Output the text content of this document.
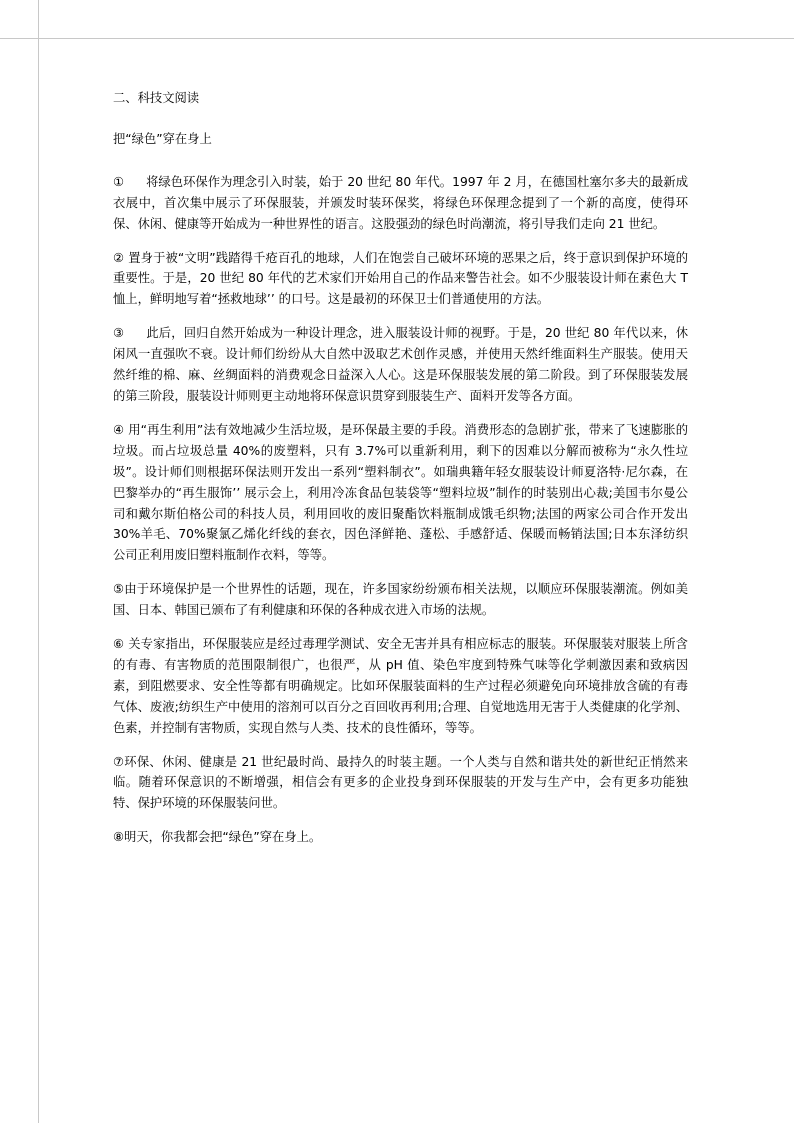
二、科技文阅读

把“绿色”穿在身上

① 将绿色环保作为理念引入时装，始于 20 世纪 80 年代。1997 年 2 月，在德国杜塞尔多夫的最新成衣展中，首次集中展示了环保服装，并颁发时装环保奖，将绿色环保理念提到了一个新的高度，使得环保、休闲、健康等开始成为一种世界性的语言。这股强劲的绿色时尚潮流，将引导我们走向 21 世纪。

② 置身于被“文明”践踏得千疮百孔的地球，人们在饱尝自己破坏环境的恶果之后，终于意识到保护环境的重要性。于是，20 世纪 80 年代的艺术家们开始用自己的作品来警告社会。如不少服装设计师在素色大 T 恤上，鲜明地写着“拯救地球’’ 的口号。这是最初的环保卫士们普通使用的方法。

③ 此后，回归自然开始成为一种设计理念，进入服装设计师的视野。于是，20 世纪 80 年代以来，休闲风一直强吹不衰。设计师们纷纷从大自然中汲取艺术创作灵感，并使用天然纤维面料生产服装。使用天然纤维的棉、麻、丝绸面料的消费观念日益深入人心。这是环保服装发展的第二阶段。到了环保服装发展的第三阶段，服装设计师则更主动地将环保意识贯穿到服装生产、面料开发等各方面。

④ 用“再生利用”法有效地减少生活垃圾，是环保最主要的手段。消费形态的急剧扩张，带来了飞速膨胀的垃圾。而占垃圾总量 40%的废塑料，只有 3.7%可以重新利用，剩下的因难以分解而被称为“永久性垃圾”。设计师们则根据环保法则开发出一系列“塑料制衣”。如瑞典籍年轻女服装设计师夏洛特·尼尔森，在巴黎举办的“再生服饰’’ 展示会上，利用冷冻食品包装袋等“塑料垃圾”制作的时装别出心裁;美国韦尔曼公司和戴尔斯伯格公司的科技人员，利用回收的废旧聚酯饮料瓶制成饿毛织物;法国的两家公司合作开发出 30%羊毛、70%聚氯乙烯化纤线的套衣，因色泽鲜艳、蓬松、手感舒适、保暖而畅销法国;日本东泽纺织公司正利用废旧塑料瓶制作衣料，等等。

⑤由于环境保护是一个世界性的话题，现在，许多国家纷纷颁布相关法规，以顺应环保服装潮流。例如美国、日本、韩国已颁布了有利健康和环保的各种成衣进入市场的法规。

⑥ 关专家指出，环保服装应是经过毒理学测试、安全无害并具有相应标志的服装。环保服装对服装上所含的有毒、有害物质的范围限制很广，也很严，从 pH 值、染色牢度到特殊气味等化学刺激因素和致病因素，到阻燃要求、安全性等都有明确规定。比如环保服装面料的生产过程必须避免向环境排放含硫的有毒气体、废液;纺织生产中使用的溶剂可以百分之百回收再利用;合理、自觉地选用无害于人类健康的化学剂、色素，并控制有害物质，实现自然与人类、技术的良性循环，等等。

⑦环保、休闲、健康是 21 世纪最时尚、最持久的时装主题。一个人类与自然和谐共处的新世纪正悄然来临。随着环保意识的不断增强，相信会有更多的企业投身到环保服装的开发与生产中，会有更多功能独特、保护环境的环保服装问世。

⑧明天，你我都会把“绿色”穿在身上。
